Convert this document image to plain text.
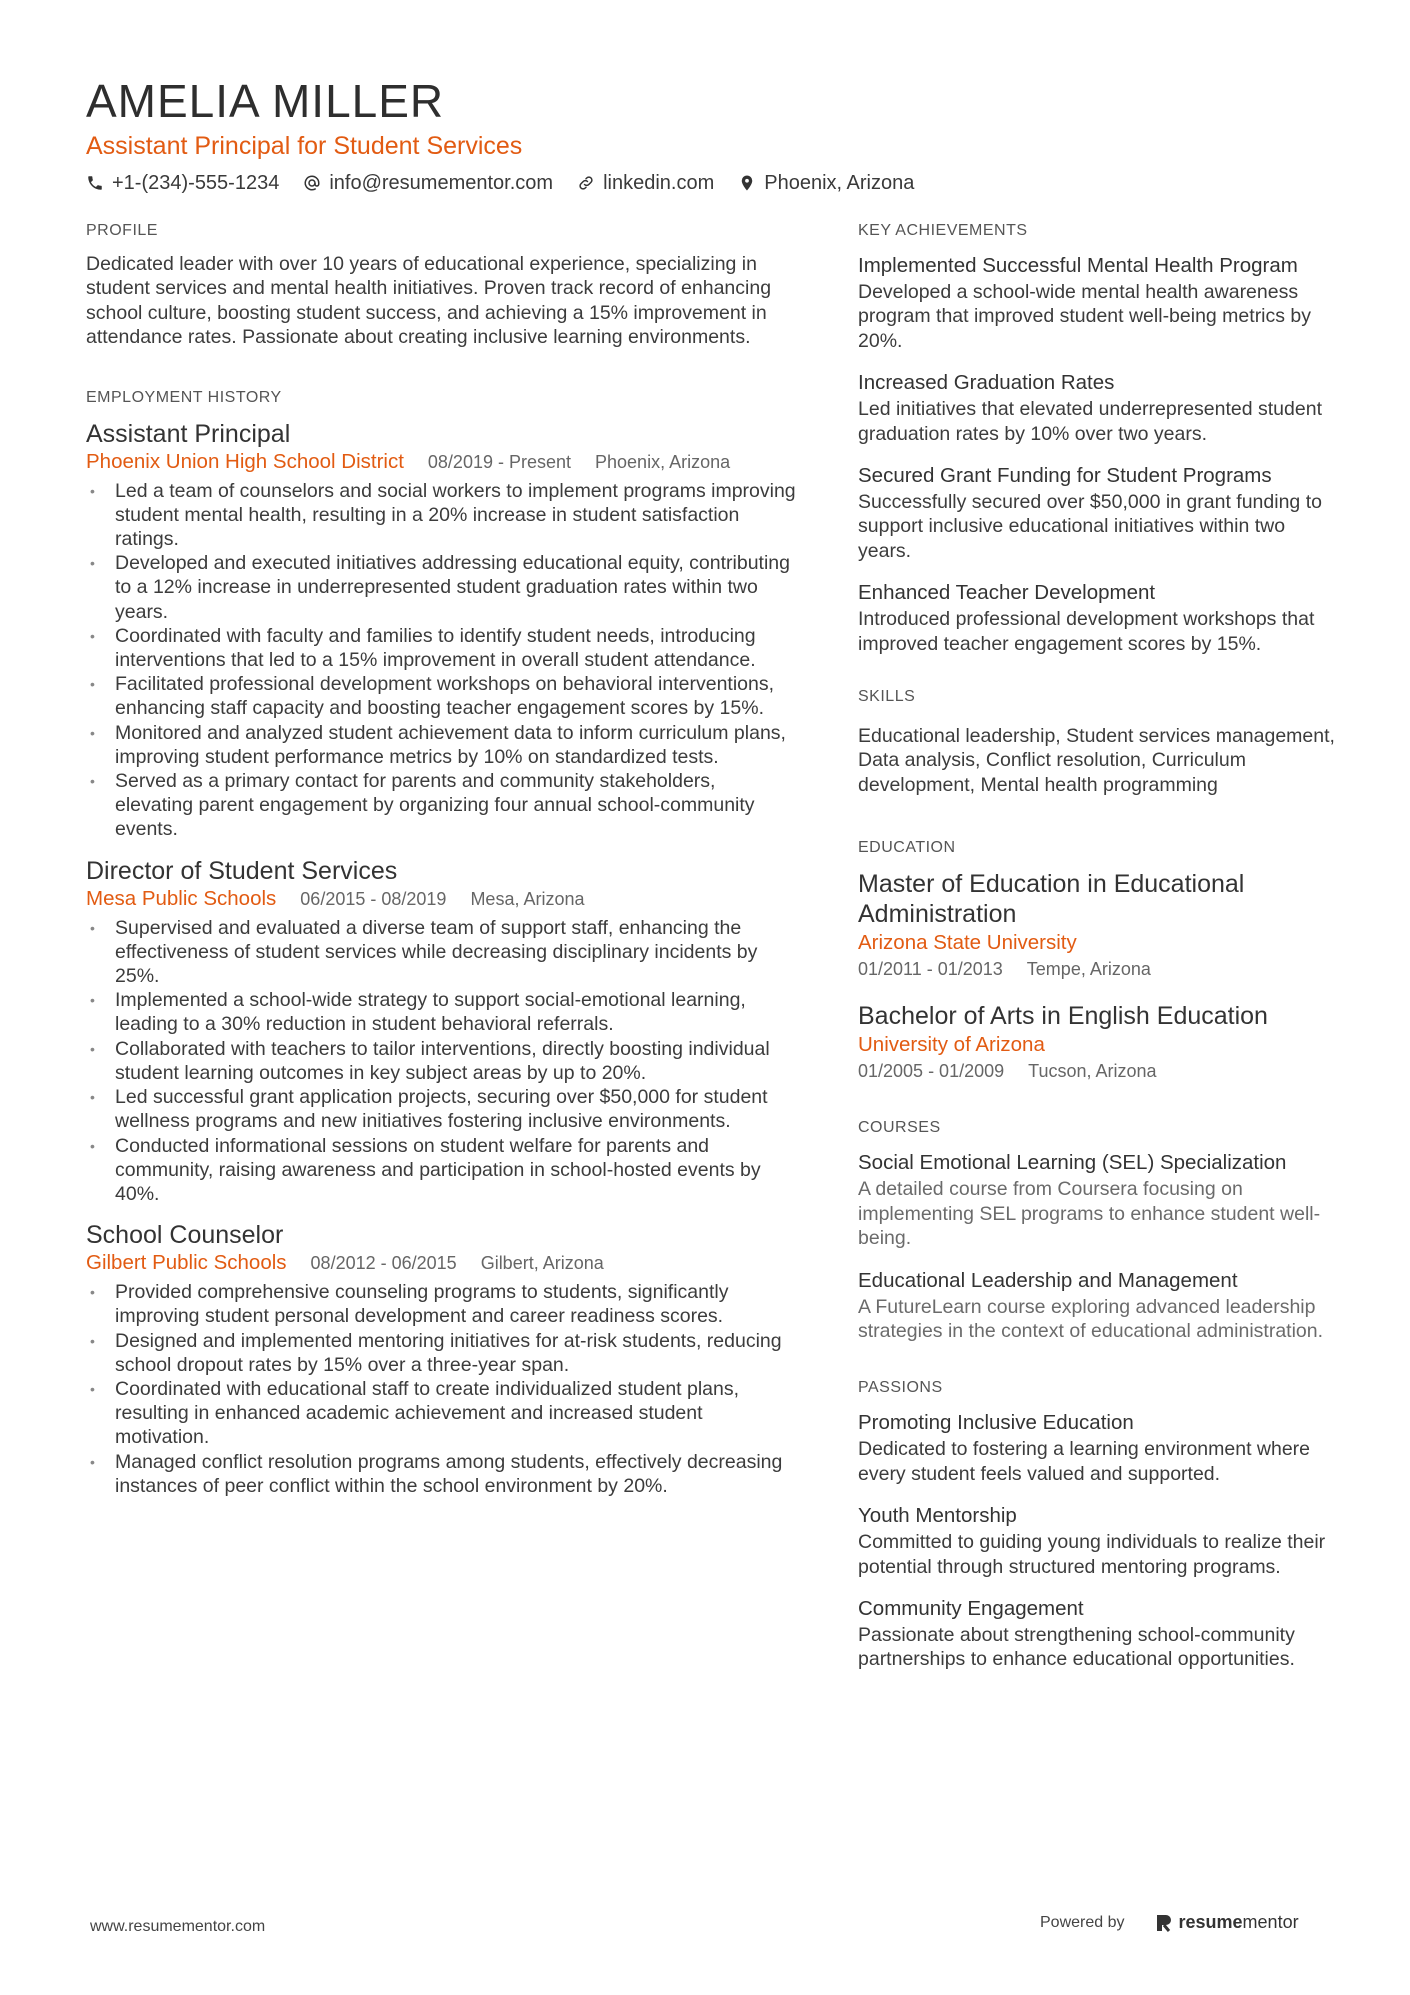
AMELIA MILLER
Assistant Principal for Student Services
+1-(234)-555-1234	info@resumementor.com	linkedin.com	Phoenix, Arizona
PROFILE
Dedicated leader with over 10 years of educational experience, specializing in student services and mental health initiatives. Proven track record of enhancing school culture, boosting student success, and achieving a 15% improvement in attendance rates. Passionate about creating inclusive learning environments.
EMPLOYMENT HISTORY
Assistant Principal
Phoenix Union High School District 08/2019 - Present Phoenix, Arizona
• Led a team of counselors and social workers to implement programs improving student mental health, resulting in a 20% increase in student satisfaction ratings.
• Developed and executed initiatives addressing educational equity, contributing to a 12% increase in underrepresented student graduation rates within two years.
• Coordinated with faculty and families to identify student needs, introducing interventions that led to a 15% improvement in overall student attendance.
• Facilitated professional development workshops on behavioral interventions, enhancing staff capacity and boosting teacher engagement scores by 15%.
• Monitored and analyzed student achievement data to inform curriculum plans, improving student performance metrics by 10% on standardized tests.
• Served as a primary contact for parents and community stakeholders, elevating parent engagement by organizing four annual school-community events.
Director of Student Services
Mesa Public Schools 06/2015 - 08/2019 Mesa, Arizona
• Supervised and evaluated a diverse team of support staff, enhancing the effectiveness of student services while decreasing disciplinary incidents by 25%.
• Implemented a school-wide strategy to support social-emotional learning, leading to a 30% reduction in student behavioral referrals.
• Collaborated with teachers to tailor interventions, directly boosting individual student learning outcomes in key subject areas by up to 20%.
• Led successful grant application projects, securing over $50,000 for student wellness programs and new initiatives fostering inclusive environments.
• Conducted informational sessions on student welfare for parents and community, raising awareness and participation in school-hosted events by 40%.
School Counselor
Gilbert Public Schools 08/2012 - 06/2015 Gilbert, Arizona
• Provided comprehensive counseling programs to students, significantly improving student personal development and career readiness scores.
• Designed and implemented mentoring initiatives for at-risk students, reducing school dropout rates by 15% over a three-year span.
• Coordinated with educational staff to create individualized student plans, resulting in enhanced academic achievement and increased student motivation.
• Managed conflict resolution programs among students, effectively decreasing instances of peer conflict within the school environment by 20%.
KEY ACHIEVEMENTS
Implemented Successful Mental Health Program
Developed a school-wide mental health awareness program that improved student well-being metrics by 20%.
Increased Graduation Rates
Led initiatives that elevated underrepresented student graduation rates by 10% over two years.
Secured Grant Funding for Student Programs
Successfully secured over $50,000 in grant funding to support inclusive educational initiatives within two years.
Enhanced Teacher Development
Introduced professional development workshops that improved teacher engagement scores by 15%.
SKILLS
Educational leadership, Student services management, Data analysis, Conflict resolution, Curriculum development, Mental health programming
EDUCATION
Master of Education in Educational Administration
Arizona State University
01/2011 - 01/2013 Tempe, Arizona
Bachelor of Arts in English Education
University of Arizona
01/2005 - 01/2009 Tucson, Arizona
COURSES
Social Emotional Learning (SEL) Specialization
A detailed course from Coursera focusing on implementing SEL programs to enhance student well-being.
Educational Leadership and Management
A FutureLearn course exploring advanced leadership strategies in the context of educational administration.
PASSIONS
Promoting Inclusive Education
Dedicated to fostering a learning environment where every student feels valued and supported.
Youth Mentorship
Committed to guiding young individuals to realize their potential through structured mentoring programs.
Community Engagement
Passionate about strengthening school-community partnerships to enhance educational opportunities.
www.resumementor.com	Powered by	resume mentor
